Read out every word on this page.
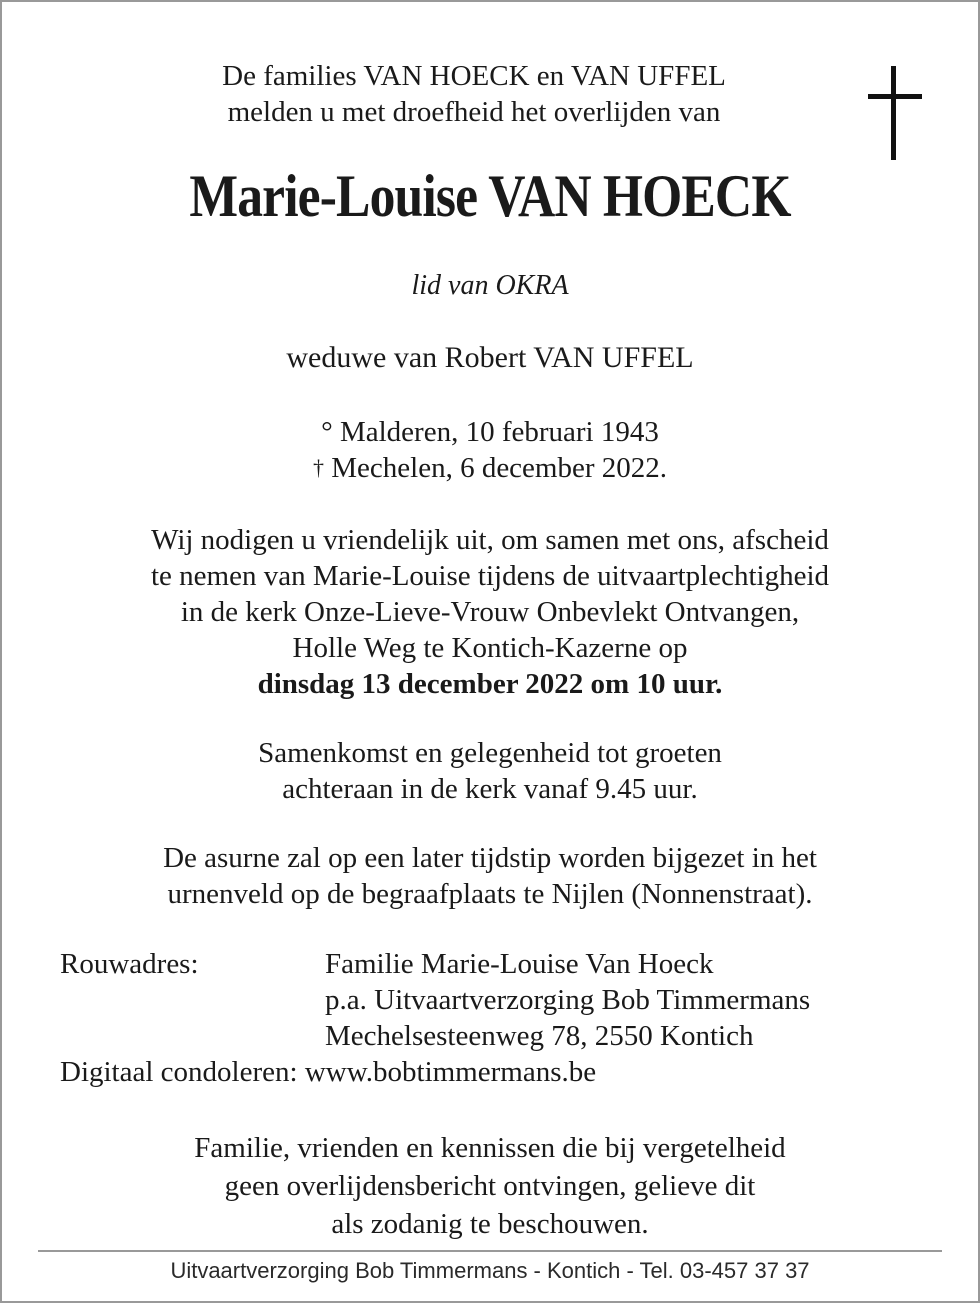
De families VAN HOECK en VAN UFFEL
melden u met droefheid het overlijden van
Marie-Louise VAN HOECK
lid van OKRA
weduwe van Robert VAN UFFEL
° Malderen, 10 februari 1943
† Mechelen, 6 december 2022.
Wij nodigen u vriendelijk uit, om samen met ons, afscheid
te nemen van Marie-Louise tijdens de uitvaartplechtigheid
in de kerk Onze-Lieve-Vrouw Onbevlekt Ontvangen,
Holle Weg te Kontich-Kazerne op
dinsdag 13 december 2022 om 10 uur.
Samenkomst en gelegenheid tot groeten
achteraan in de kerk vanaf 9.45 uur.
De asurne zal op een later tijdstip worden bijgezet in het
urnenveld op de begraafplaats te Nijlen (Nonnenstraat).
Rouwadres:	Familie Marie-Louise Van Hoeck
p.a. Uitvaartverzorging Bob Timmermans
Mechelsesteenweg 78, 2550 Kontich
Digitaal condoleren: www.bobtimmermans.be
Familie, vrienden en kennissen die bij vergetelheid
geen overlijdensbericht ontvingen, gelieve dit
als zodanig te beschouwen.
Uitvaartverzorging Bob Timmermans - Kontich - Tel. 03-457 37 37
